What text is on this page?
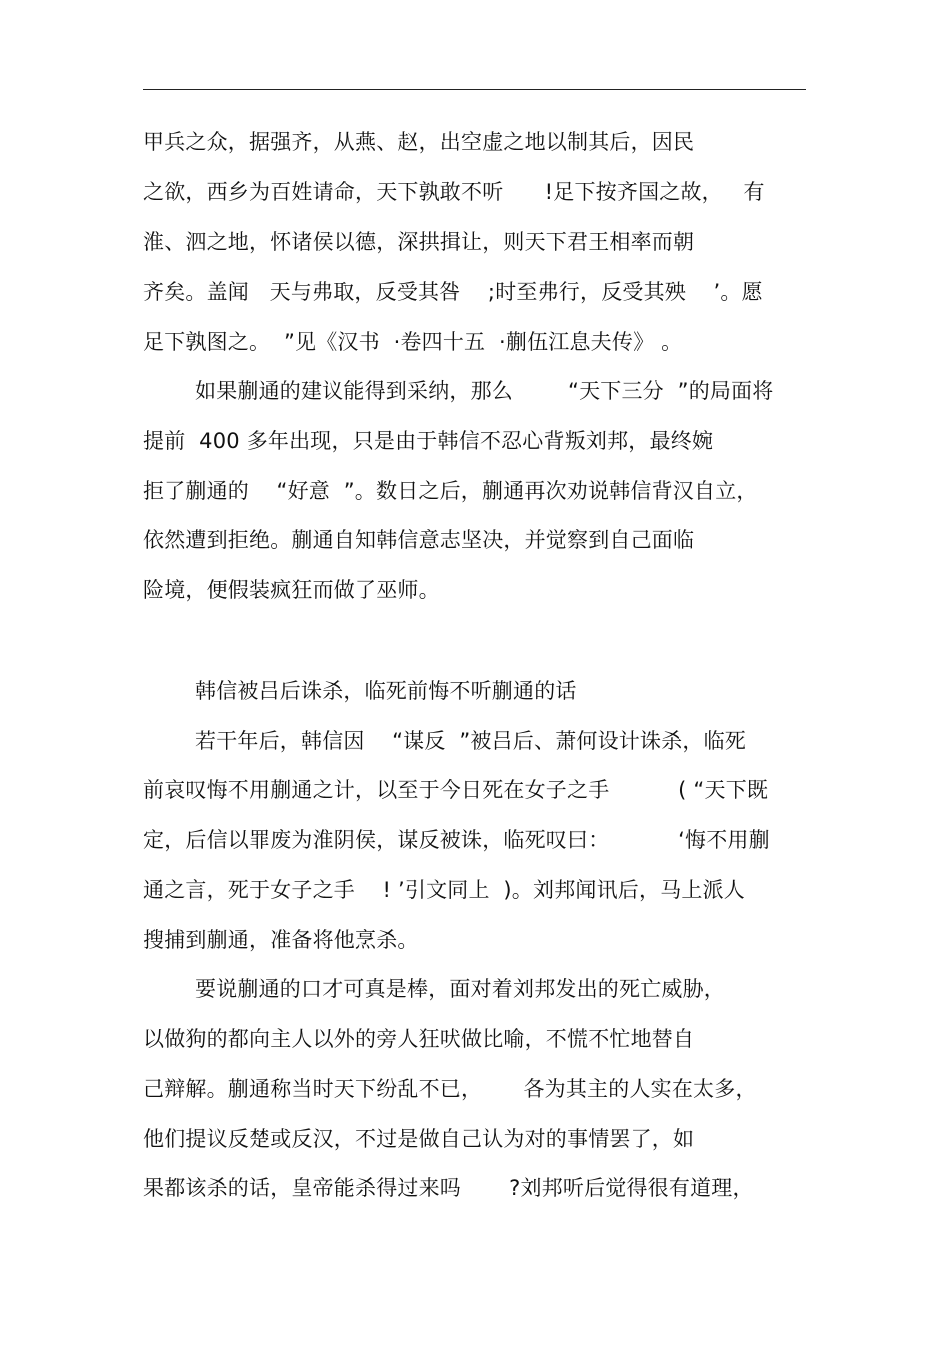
甲兵之众，据强齐，从燕、赵，出空虚之地以制其后，因民
之欲，西乡为百姓请命，天下孰敢不听      !足下按齐国之故，   有
淮、泗之地，怀诸侯以德，深拱揖让，则天下君王相率而朝
齐矣。盖闻   天与弗取，反受其咎    ;时至弗行，反受其殃    ’。愿
足下孰图之。  ”见《汉书  ·卷四十五  ·蒯伍江息夫传》 。
如果蒯通的建议能得到采纳，那么        “天下三分  ”的局面将
提前  400 多年出现，只是由于韩信不忍心背叛刘邦，最终婉
拒了蒯通的    “好意  ”。数日之后，蒯通再次劝说韩信背汉自立，
依然遭到拒绝。蒯通自知韩信意志坚决，并觉察到自己面临
险境，便假装疯狂而做了巫师。
韩信被吕后诛杀，临死前悔不听蒯通的话
若干年后，韩信因    “谋反  ”被吕后、萧何设计诛杀，临死
前哀叹悔不用蒯通之计，以至于今日死在女子之手          ( “天下既
定，后信以罪废为淮阴侯，谋反被诛，临死叹曰：          ‘悔不用蒯
通之言，死于女子之手    ! ’引文同上  )。刘邦闻讯后，马上派人
搜捕到蒯通，准备将他烹杀。
要说蒯通的口才可真是棒，面对着刘邦发出的死亡威胁，
以做狗的都向主人以外的旁人狂吠做比喻，不慌不忙地替自
己辩解。蒯通称当时天下纷乱不已，      各为其主的人实在太多，
他们提议反楚或反汉，不过是做自己认为对的事情罢了，如
果都该杀的话，皇帝能杀得过来吗       ?刘邦听后觉得很有道理，
